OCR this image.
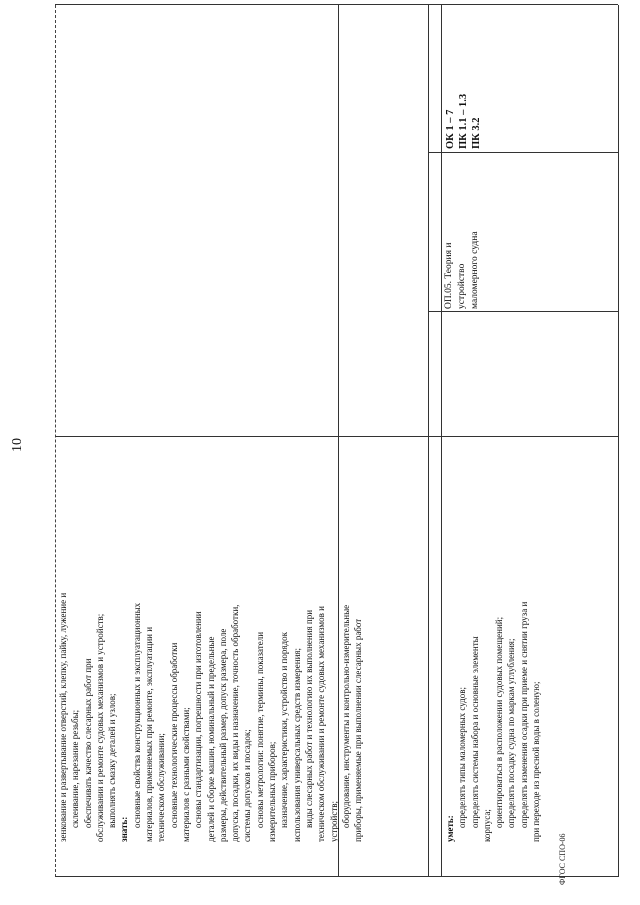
10
зенкование и развертывание отверстий, клепку, пайку, лужение и склеивание, нарезание резьбы; обеспечивать качество слесарных работ при обслуживании и ремонте судовых механизмов и устройств; выполнять смазку деталей и узлов;
знать:
основные свойства конструкционных и эксплуатационных материалов, применяемых при ремонте, эксплуатации и техническом обслуживании; основные технологические процессы обработки материалов с разными свойствами; основы стандартизации, погрешности при изготовлении деталей и сборке машин, номинальный и предельные размеры, действительный размер, допуск размера, поле допуска, посадки, их виды и назначение, точность обработки, системы допусков и посадок; основы метрологии: понятие, термины, показатели измерительных приборов; назначение, характеристики, устройство и порядок использования универсальных средств измерения; виды слесарных работ и технологию их выполнения при техническом обслуживании и ремонте судовых механизмов и устройств; оборудование, инструменты и контрольно-измерительные приборы, применяемые при выполнении слесарных работ	уметь:
определять типы маломерных судов; определять системы набора и основные элементы корпуса; ориентироваться в расположении судовых помещений; определять посадку судна по маркам углубления; определять изменения осадки при приеме и снятии груза и при переходе из пресной воды в соленую;
ОП.05. Теория и устройство маломерного судна
ОК 1 – 7 ПК 1.1 – 1.3 ПК 3.2
ФГОС СПО-06
